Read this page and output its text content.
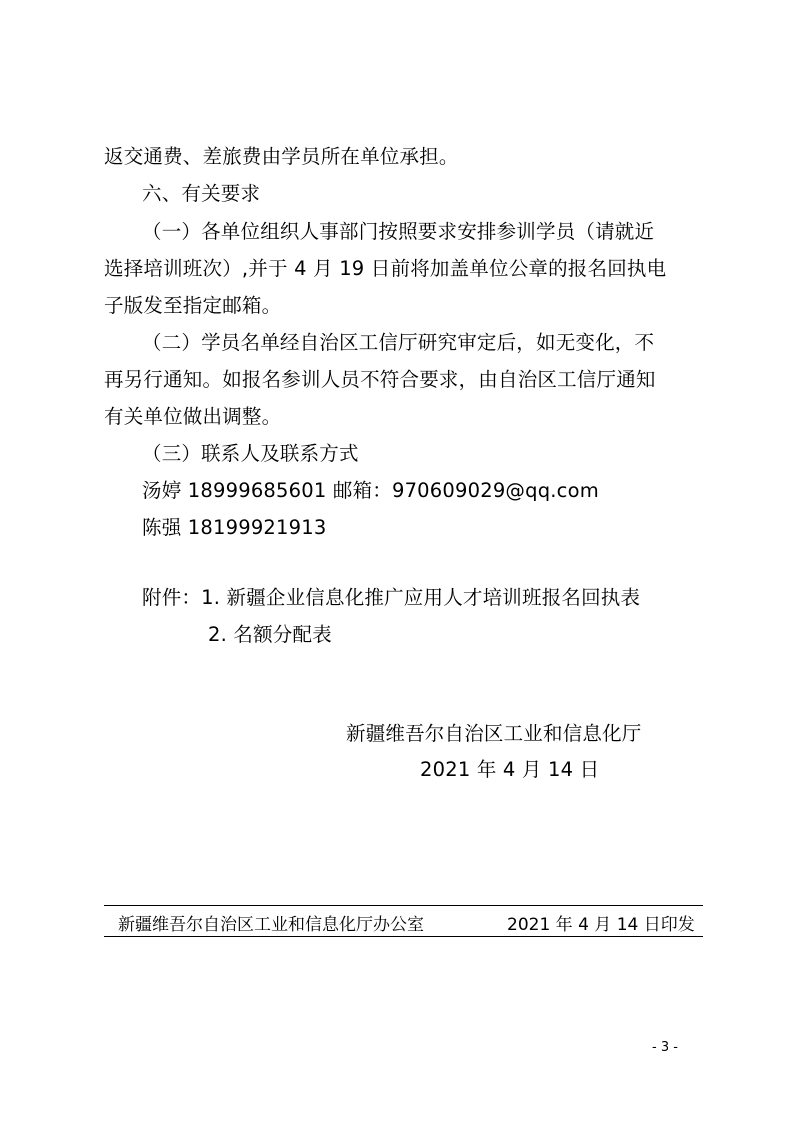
返交通费、差旅费由学员所在单位承担。

六、有关要求

（一）各单位组织人事部门按照要求安排参训学员（请就近

选择培训班次）,并于 4 月 19 日前将加盖单位公章的报名回执电

子版发至指定邮箱。

（二）学员名单经自治区工信厅研究审定后，如无变化，不

再另行通知。如报名参训人员不符合要求，由自治区工信厅通知

有关单位做出调整。

（三）联系人及联系方式

汤婷 18999685601 邮箱：970609029@qq.com

陈强 18199921913

附件：1. 新疆企业信息化推广应用人才培训班报名回执表

2. 名额分配表

新疆维吾尔自治区工业和信息化厅

2021 年 4 月 14 日

新疆维吾尔自治区工业和信息化厅办公室	2021 年 4 月 14 日印发
- 3 -
